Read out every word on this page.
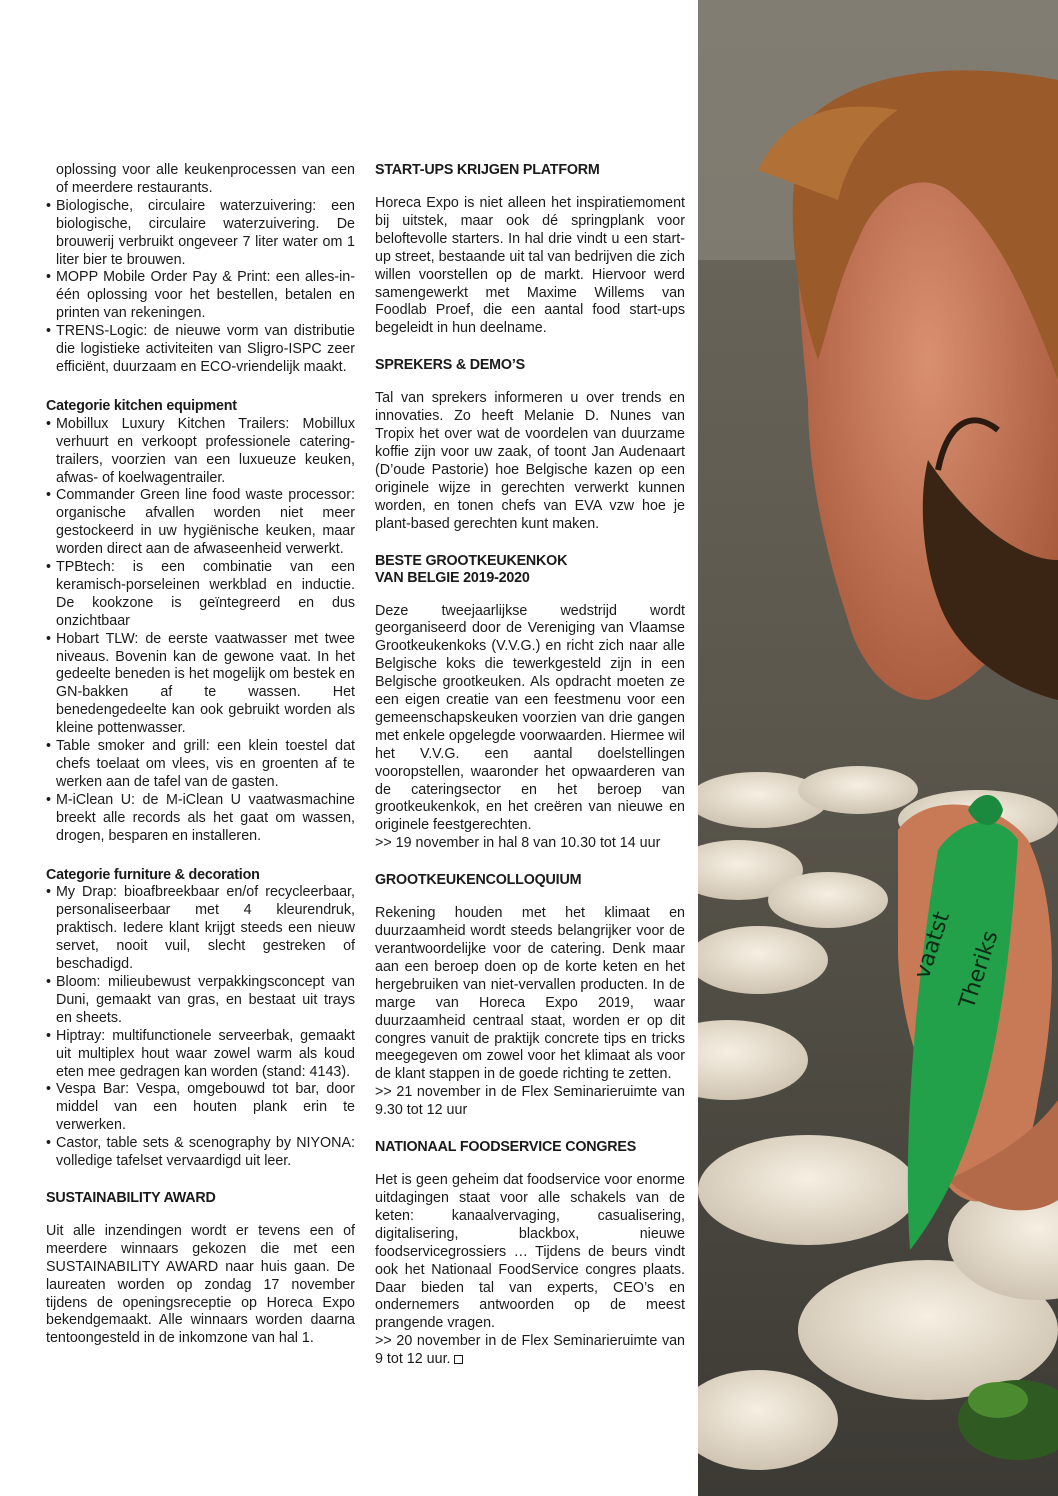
oplossing voor alle keukenprocessen van een of meerdere restaurants.

• Biologische, circulaire waterzuivering: een biologische, circulaire waterzuivering. De brouwerij verbruikt ongeveer 7 liter water om 1 liter bier te brouwen.

• MOPP Mobile Order Pay & Print: een alles-in-één oplossing voor het bestellen, betalen en printen van rekeningen.

• TRENS-Logic: de nieuwe vorm van distributie die logistieke activiteiten van Sligro-ISPC zeer efficiënt, duurzaam en ECO-vriendelijk maakt.

Categorie kitchen equipment

• Mobillux Luxury Kitchen Trailers: Mobillux verhuurt en verkoopt professionele catering-trailers, voorzien van een luxueuze keuken, afwas- of koelwagentrailer.

• Commander Green line food waste processor: organische afvallen worden niet meer gestockeerd in uw hygiënische keuken, maar worden direct aan de afwaseenheid verwerkt.

• TPBtech: is een combinatie van een keramisch-porseleinen werkblad en inductie. De kookzone is geïntegreerd en dus onzichtbaar

• Hobart TLW: de eerste vaatwasser met twee niveaus. Bovenin kan de gewone vaat. In het gedeelte beneden is het mogelijk om bestek en GN-bakken af te wassen. Het benedengedeelte kan ook gebruikt worden als kleine pottenwasser.

• Table smoker and grill: een klein toestel dat chefs toelaat om vlees, vis en groenten af te werken aan de tafel van de gasten.

• M-iClean U: de M-iClean U vaatwasmachine breekt alle records als het gaat om wassen, drogen, besparen en installeren.

Categorie furniture & decoration

• My Drap: bioafbreekbaar en/of recycleerbaar, personaliseerbaar met 4 kleurendruk, praktisch. Iedere klant krijgt steeds een nieuw servet, nooit vuil, slecht gestreken of beschadigd.

• Bloom: milieubewust verpakkingsconcept van Duni, gemaakt van gras, en bestaat uit trays en sheets.

• Hiptray: multifunctionele serveerbak, gemaakt uit multiplex hout waar zowel warm als koud eten mee gedragen kan worden (stand: 4143).

• Vespa Bar: Vespa, omgebouwd tot bar, door middel van een houten plank erin te verwerken.

• Castor, table sets & scenography by NIYONA: volledige tafelset vervaardigd uit leer.

SUSTAINABILITY AWARD

Uit alle inzendingen wordt er tevens een of meerdere winnaars gekozen die met een SUSTAINABILITY AWARD naar huis gaan. De laureaten worden op zondag 17 november tijdens de openingsreceptie op Horeca Expo bekendgemaakt. Alle winnaars worden daarna tentoongesteld in de inkomzone van hal 1.

START-UPS KRIJGEN PLATFORM

Horeca Expo is niet alleen het inspiratiemoment bij uitstek, maar ook dé springplank voor beloftevolle starters. In hal drie vindt u een start-up street, bestaande uit tal van bedrijven die zich willen voorstellen op de markt. Hiervoor werd samengewerkt met Maxime Willems van Foodlab Proef, die een aantal food start-ups begeleidt in hun deelname.

SPREKERS & DEMO’S

Tal van sprekers informeren u over trends en innovaties. Zo heeft Melanie D. Nunes van Tropix het over wat de voordelen van duurzame koffie zijn voor uw zaak, of toont Jan Audenaart (D’oude Pastorie) hoe Belgische kazen op een originele wijze in gerechten verwerkt kunnen worden, en tonen chefs van EVA vzw hoe je plant-based gerechten kunt maken.

BESTE GROOTKEUKENKOK
VAN BELGIE 2019-2020

Deze tweejaarlijkse wedstrijd wordt georganiseerd door de Vereniging van Vlaamse Grootkeukenkoks (V.V.G.) en richt zich naar alle Belgische koks die tewerkgesteld zijn in een Belgische grootkeuken. Als opdracht moeten ze een eigen creatie van een feestmenu voor een gemeenschapskeuken voorzien van drie gangen met enkele opgelegde voorwaarden. Hiermee wil het V.V.G. een aantal doelstellingen vooropstellen, waaronder het opwaarderen van de cateringsector en het beroep van grootkeukenkok, en het creëren van nieuwe en originele feestgerechten.

>> 19 november in hal 8 van 10.30 tot 14 uur

GROOTKEUKENCOLLOQUIUM

Rekening houden met het klimaat en duurzaamheid wordt steeds belangrijker voor de verantwoordelijke voor de catering. Denk maar aan een beroep doen op de korte keten en het hergebruiken van niet-vervallen producten. In de marge van Horeca Expo 2019, waar duurzaamheid centraal staat, worden er op dit congres vanuit de praktijk concrete tips en tricks meegegeven om zowel voor het klimaat als voor de klant stappen in de goede richting te zetten.

>> 21 november in de Flex Seminarieruimte van 9.30 tot 12 uur

NATIONAAL FOODSERVICE CONGRES

Het is geen geheim dat foodservice voor enorme uitdagingen staat voor alle schakels van de keten: kanaalvervaging, casualisering, digitalisering, blackbox, nieuwe foodservicegrossiers … Tijdens de beurs vindt ook het Nationaal FoodService congres plaats. Daar bieden tal van experts, CEO’s en ondernemers antwoorden op de meest prangende vragen.

>> 20 november in de Flex Seminarieruimte van 9 tot 12 uur.

vaatst Theriks
